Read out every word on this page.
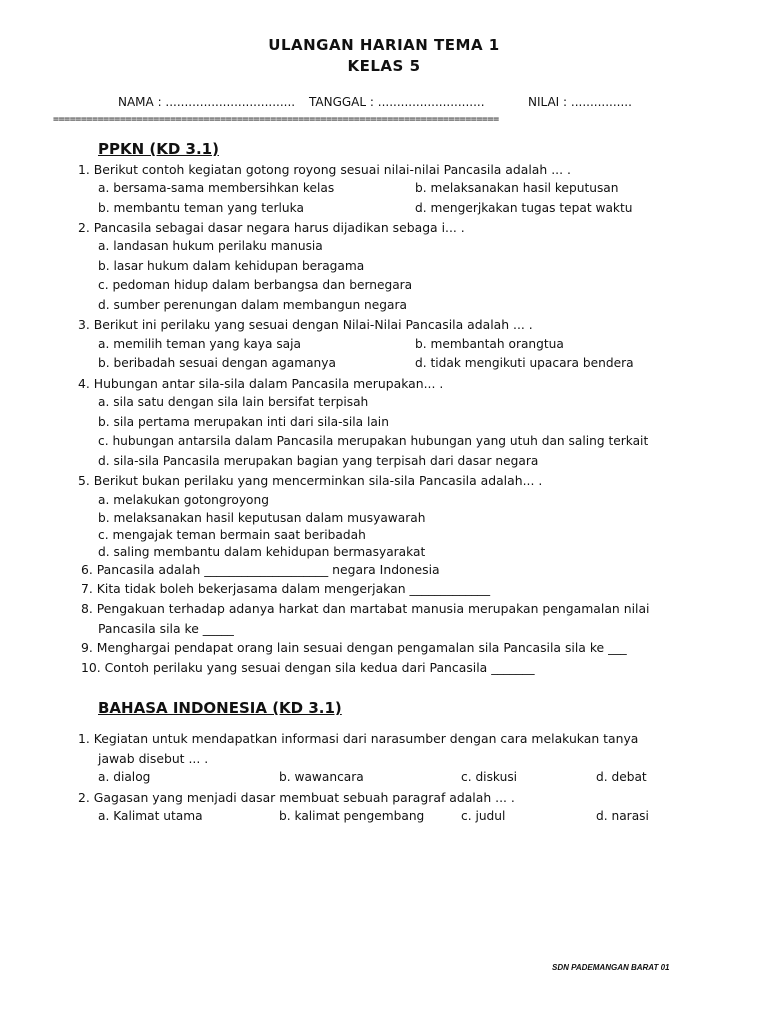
ULANGAN HARIAN TEMA 1
KELAS 5
NAMA : .................................. TANGGAL : ............................	NILAI : ................
================================================================================
PPKN (KD 3.1)
1. Berikut contoh kegiatan gotong royong sesuai nilai-nilai Pancasila adalah ... .
a. bersama-sama membersihkan kelas	b. melaksanakan hasil keputusan
b. membantu teman yang terluka	d. mengerjkakan tugas tepat waktu
2. Pancasila sebagai dasar negara harus dijadikan sebaga i... .
a. landasan hukum perilaku manusia
b. lasar hukum dalam kehidupan beragama
c. pedoman hidup dalam berbangsa dan bernegara
d. sumber perenungan dalam membangun negara
3. Berikut ini perilaku yang sesuai dengan Nilai-Nilai Pancasila adalah ... .
a. memilih teman yang kaya saja	b. membantah orangtua
b. beribadah sesuai dengan agamanya	d. tidak mengikuti upacara bendera
4. Hubungan antar sila-sila dalam Pancasila merupakan... .
a. sila satu dengan sila lain bersifat terpisah
b. sila pertama merupakan inti dari sila-sila lain
c. hubungan antarsila dalam Pancasila merupakan hubungan yang utuh dan saling terkait
d. sila-sila Pancasila merupakan bagian yang terpisah dari dasar negara
5. Berikut bukan perilaku yang mencerminkan sila-sila Pancasila adalah... .
a. melakukan gotongroyong
b. melaksanakan hasil keputusan dalam musyawarah
c. mengajak teman bermain saat beribadah
d. saling membantu dalam kehidupan bermasyarakat
6. Pancasila adalah ____________________ negara Indonesia
7. Kita tidak boleh bekerjasama dalam mengerjakan _____________
8. Pengakuan terhadap adanya harkat dan martabat manusia merupakan pengamalan nilai
Pancasila sila ke _____
9. Menghargai pendapat orang lain sesuai dengan pengamalan sila Pancasila sila ke ___
10. Contoh perilaku yang sesuai dengan sila kedua dari Pancasila _______
BAHASA INDONESIA (KD 3.1)
1. Kegiatan untuk mendapatkan informasi dari narasumber dengan cara melakukan tanya
jawab disebut ... .
a. dialog	b. wawancara	c. diskusi	d. debat
2. Gagasan yang menjadi dasar membuat sebuah paragraf adalah ... .
a. Kalimat utama	b. kalimat pengembang	c. judul	d. narasi
SDN PADEMANGAN BARAT 01
